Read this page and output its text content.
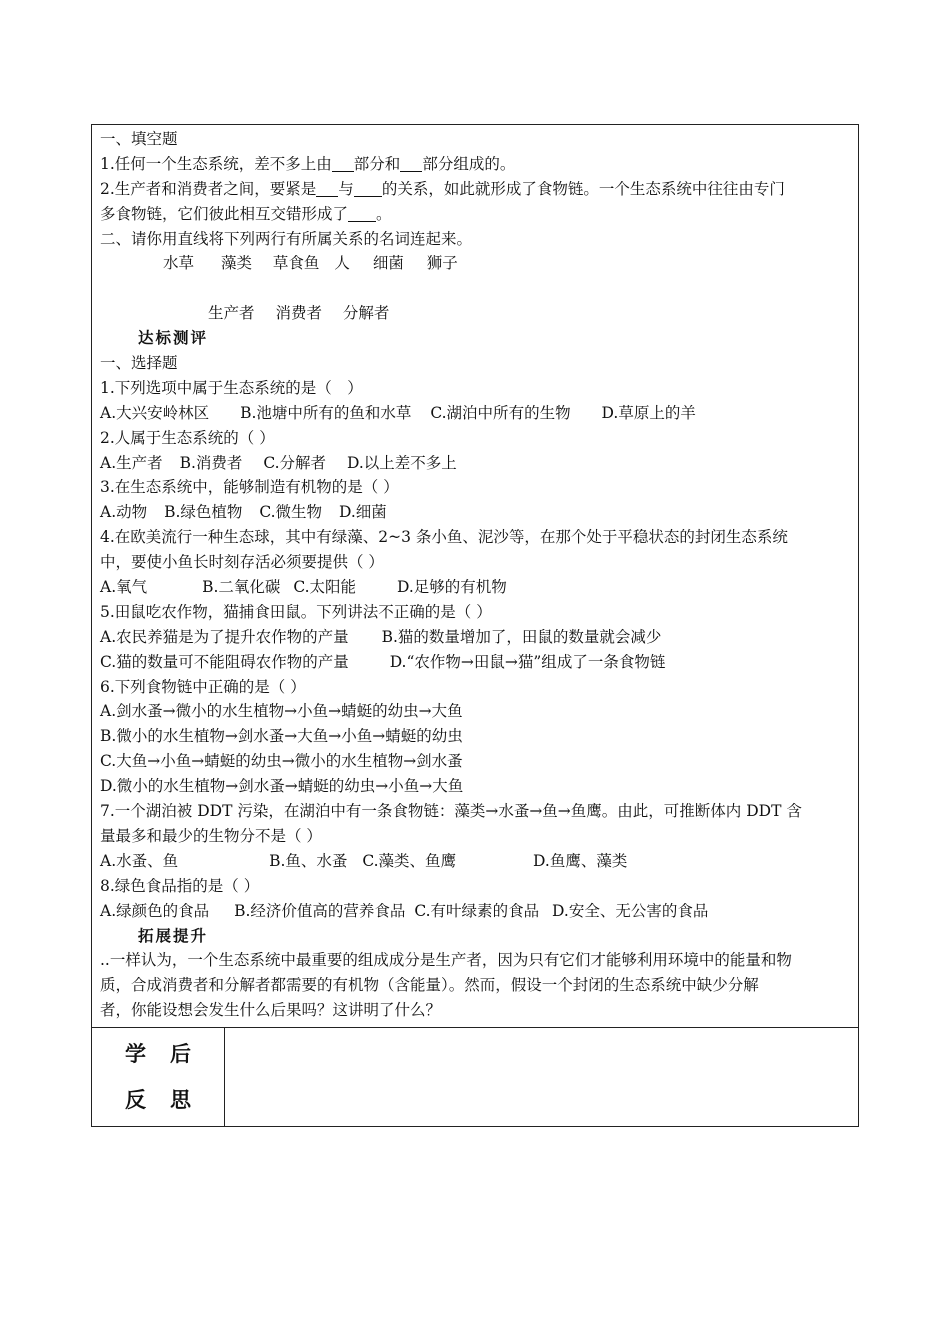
一、填空题
1.任何一个生态系统，差不多上由 部分和 部分组成的。
2.生产者和消费者之间，要紧是 与 的关系，如此就形成了食物链。一个生态系统中往往由专门
多食物链，它们彼此相互交错形成了 。
二、请你用直线将下列两行有所属关系的名词连起来。
水草 藻类 草食鱼 人 细菌 狮子
生产者 消费者 分解者
达标测评
一、选择题
1.下列选项中属于生态系统的是（　）
A.大兴安岭林区 B.池塘中所有的鱼和水草 C.湖泊中所有的生物 D.草原上的羊
2.人属于生态系统的（ ）
A.生产者 B.消费者 C.分解者 D.以上差不多上
3.在生态系统中，能够制造有机物的是（ ）
A.动物 B.绿色植物 C.微生物 D.细菌
4.在欧美流行一种生态球，其中有绿藻、2~3 条小鱼、泥沙等，在那个处于平稳状态的封闭生态系统
中，要使小鱼长时刻存活必须要提供（ ）
A.氧气	B.二氧化碳 C.太阳能	D.足够的有机物
5.田鼠吃农作物，猫捕食田鼠。下列讲法不正确的是（ ）
A.农民养猫是为了提升农作物的产量 B.猫的数量增加了，田鼠的数量就会减少
C.猫的数量可不能阻碍农作物的产量	D.“农作物→田鼠→猫”组成了一条食物链
6.下列食物链中正确的是（ ）
A.剑水蚤→微小的水生植物→小鱼→蜻蜓的幼虫→大鱼
B.微小的水生植物→剑水蚤→大鱼→小鱼→蜻蜓的幼虫
C.大鱼→小鱼→蜻蜓的幼虫→微小的水生植物→剑水蚤
D.微小的水生植物→剑水蚤→蜻蜓的幼虫→小鱼→大鱼
7.一个湖泊被 DDT 污染，在湖泊中有一条食物链：藻类→水蚤→鱼→鱼鹰。由此，可推断体内 DDT 含
量最多和最少的生物分不是（ ）
A.水蚤、鱼	B.鱼、水蚤 C.藻类、鱼鹰	D.鱼鹰、藻类
8.绿色食品指的是（ ）
A.绿颜色的食品 B.经济价值高的营养食品 C.有叶绿素的食品 D.安全、无公害的食品
拓展提升
..一样认为，一个生态系统中最重要的组成成分是生产者，因为只有它们才能够利用环境中的能量和物
质，合成消费者和分解者都需要的有机物（含能量）。然而，假设一个封闭的生态系统中缺少分解
者，你能设想会发生什么后果吗？这讲明了什么？
学后
反思
